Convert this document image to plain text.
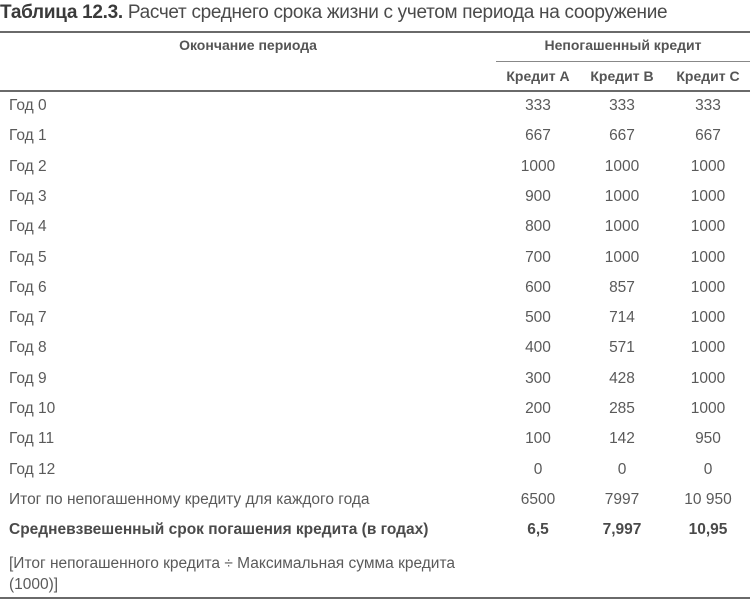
Таблица 12.3. Расчет среднего срока жизни с учетом периода на сооружение
Окончание периода	Непогашенный кредит
Кредит A	Кредит B	Кредит C
Год 0	333	333	333
Год 1	667	667	667
Год 2	1000	1000	1000
Год 3	900	1000	1000
Год 4	800	1000	1000
Год 5	700	1000	1000
Год 6	600	857	1000
Год 7	500	714	1000
Год 8	400	571	1000
Год 9	300	428	1000
Год 10	200	285	1000
Год 11	100	142	950
Год 12	0	0	0
Итог по непогашенному кредиту для каждого года	6500	7997	10 950
Средневзвешенный срок погашения кредита (в годах)	6,5	7,997	10,95
[Итог непогашенного кредита ÷ Максимальная сумма кредита (1000)]
